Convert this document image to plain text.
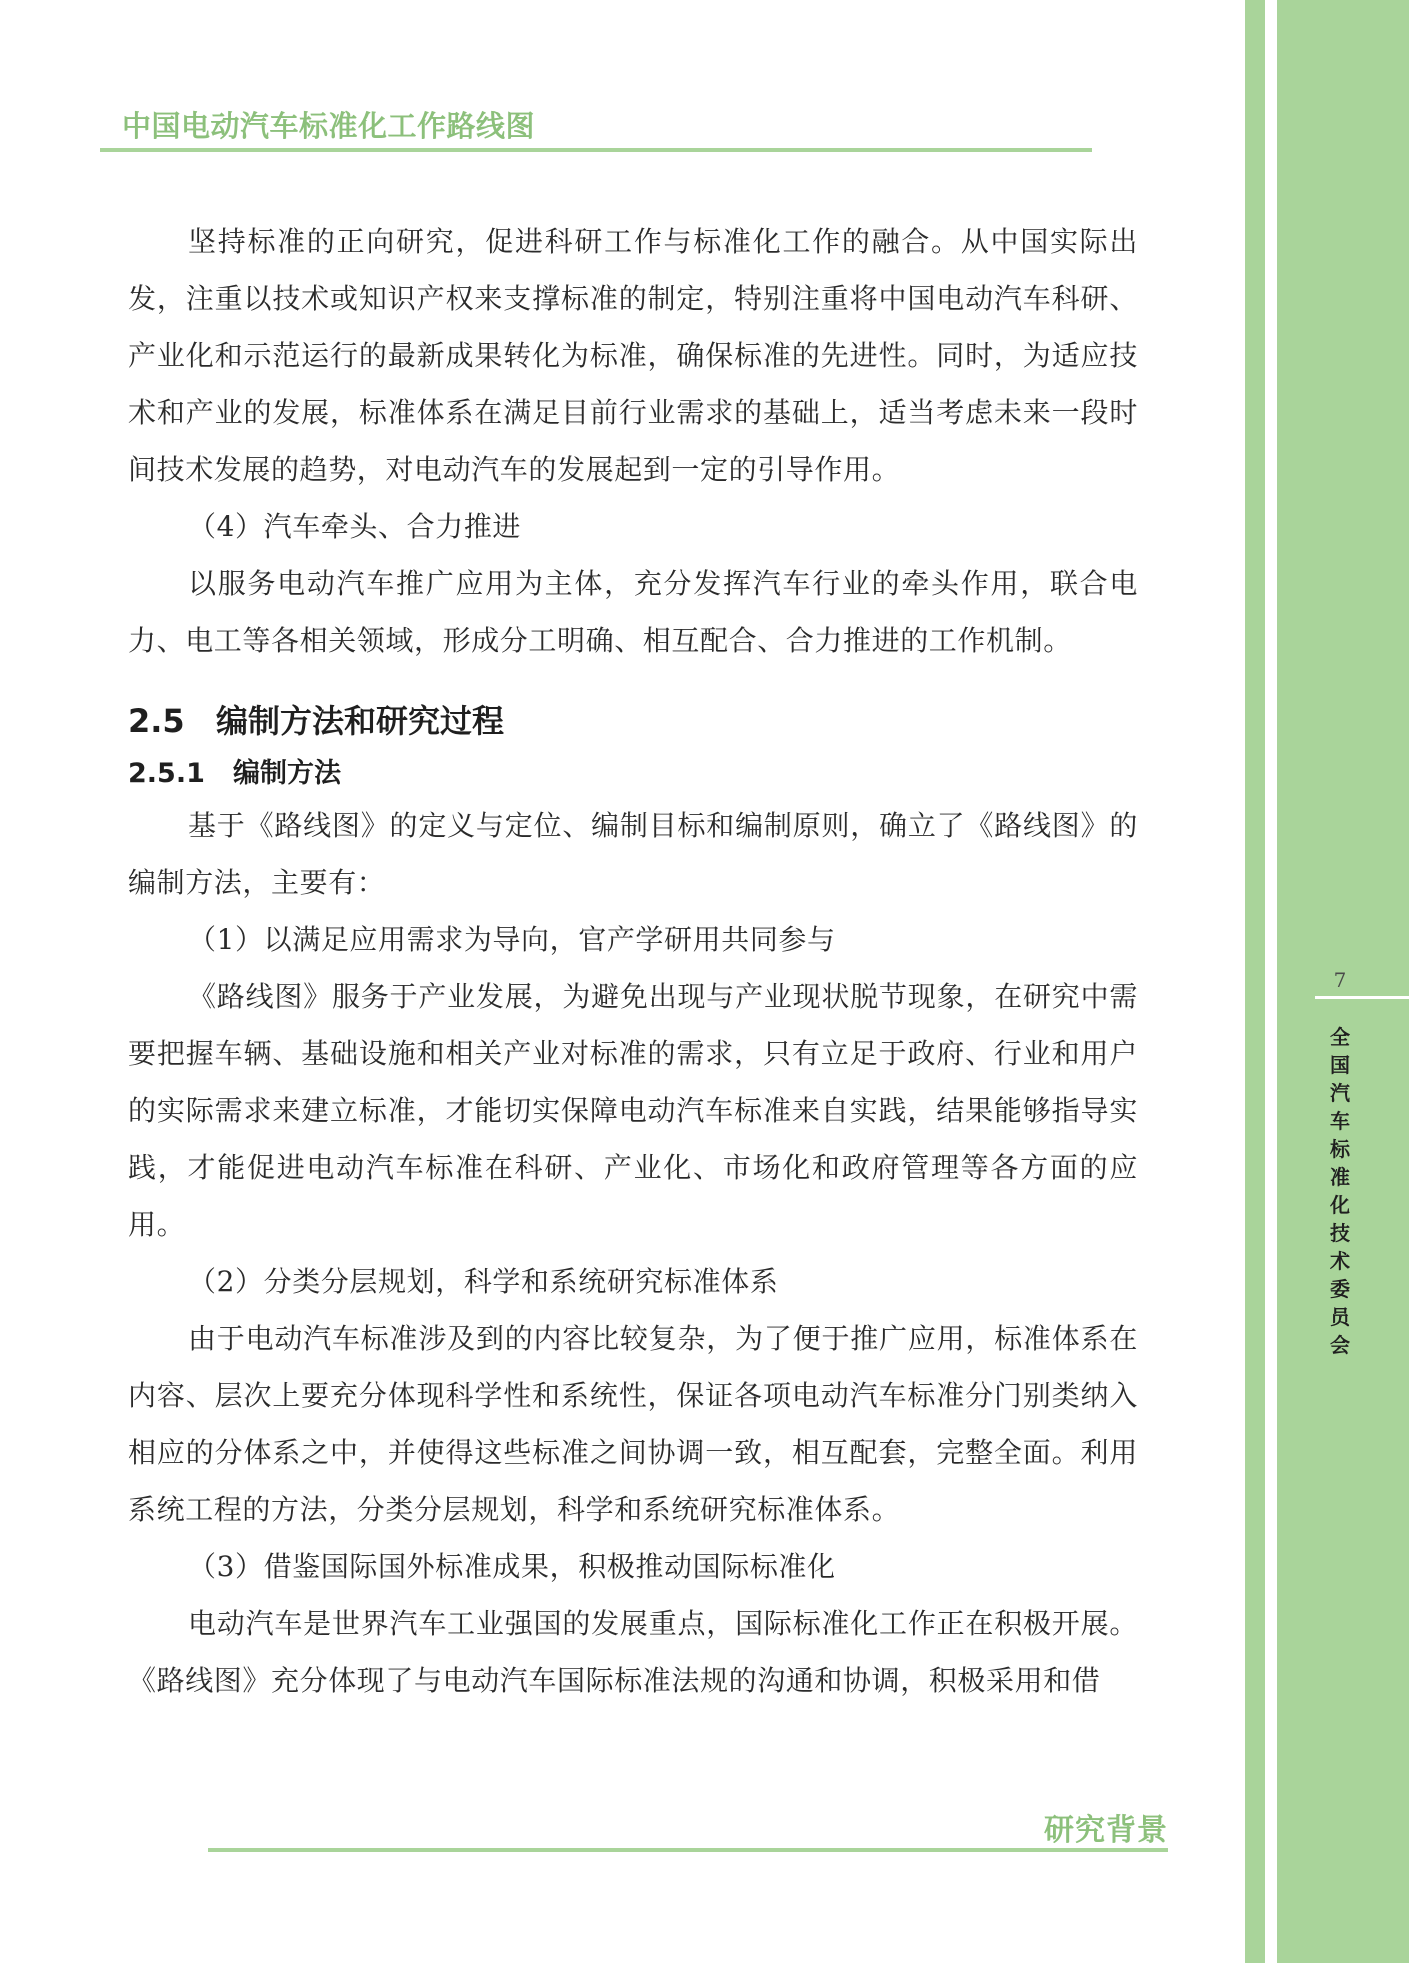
7
全国汽车标准化技术委员会
中国电动汽车标准化工作路线图

坚持标准的正向研究，促进科研工作与标准化工作的融合。从中国实际出发，注重以技术或知识产权来支撑标准的制定，特别注重将中国电动汽车科研、产业化和示范运行的最新成果转化为标准，确保标准的先进性。同时，为适应技术和产业的发展，标准体系在满足目前行业需求的基础上，适当考虑未来一段时间技术发展的趋势，对电动汽车的发展起到一定的引导作用。

（4）汽车牵头、合力推进

以服务电动汽车推广应用为主体，充分发挥汽车行业的牵头作用，联合电力、电工等各相关领域，形成分工明确、相互配合、合力推进的工作机制。

2.5 编制方法和研究过程
2.5.1 编制方法

基于《路线图》的定义与定位、编制目标和编制原则，确立了《路线图》的编制方法，主要有：

（1）以满足应用需求为导向，官产学研用共同参与

《路线图》服务于产业发展，为避免出现与产业现状脱节现象，在研究中需要把握车辆、基础设施和相关产业对标准的需求，只有立足于政府、行业和用户的实际需求来建立标准，才能切实保障电动汽车标准来自实践，结果能够指导实践，才能促进电动汽车标准在科研、产业化、市场化和政府管理等各方面的应用。

（2）分类分层规划，科学和系统研究标准体系

由于电动汽车标准涉及到的内容比较复杂，为了便于推广应用，标准体系在内容、层次上要充分体现科学性和系统性，保证各项电动汽车标准分门别类纳入相应的分体系之中，并使得这些标准之间协调一致，相互配套，完整全面。利用系统工程的方法，分类分层规划，科学和系统研究标准体系。

（3）借鉴国际国外标准成果，积极推动国际标准化

电动汽车是世界汽车工业强国的发展重点，国际标准化工作正在积极开展。《路线图》充分体现了与电动汽车国际标准法规的沟通和协调，积极采用和借

研究背景
